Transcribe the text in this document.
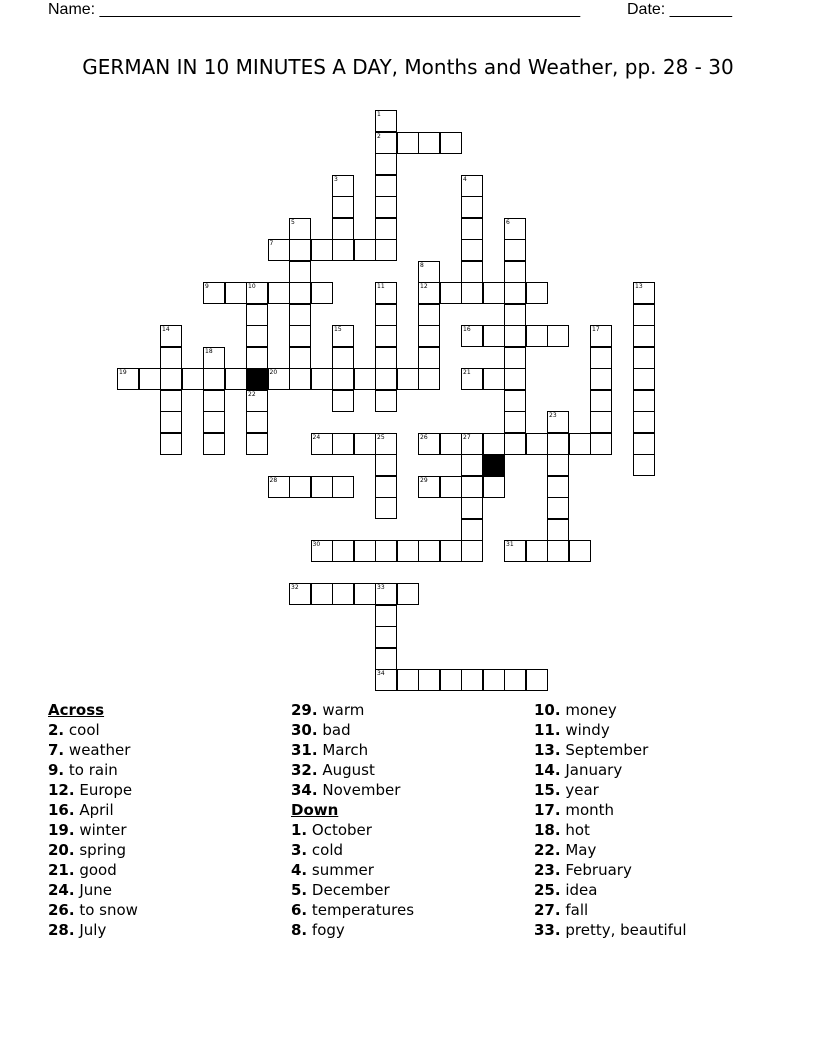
Name: ______________________________________________________	Date: _______
GERMAN IN 10 MINUTES A DAY, Months and Weather, pp. 28 - 30
1
2
3	4
5	6
7
8
12
9	10	11	13
14	15	16	17
18
19	20	21
22
23
24	25	26	27
28	29
30	31
32	33
34
Across
2. cool
7. weather
9. to rain
12. Europe
16. April
19. winter
20. spring
21. good
24. June
26. to snow
28. July
29. warm
30. bad
31. March
32. August
34. November
Down
1. October
3. cold
4. summer
5. December
6. temperatures
8. fogy
10. money
11. windy
13. September
14. January
15. year
17. month
18. hot
22. May
23. February
25. idea
27. fall
33. pretty, beautiful
